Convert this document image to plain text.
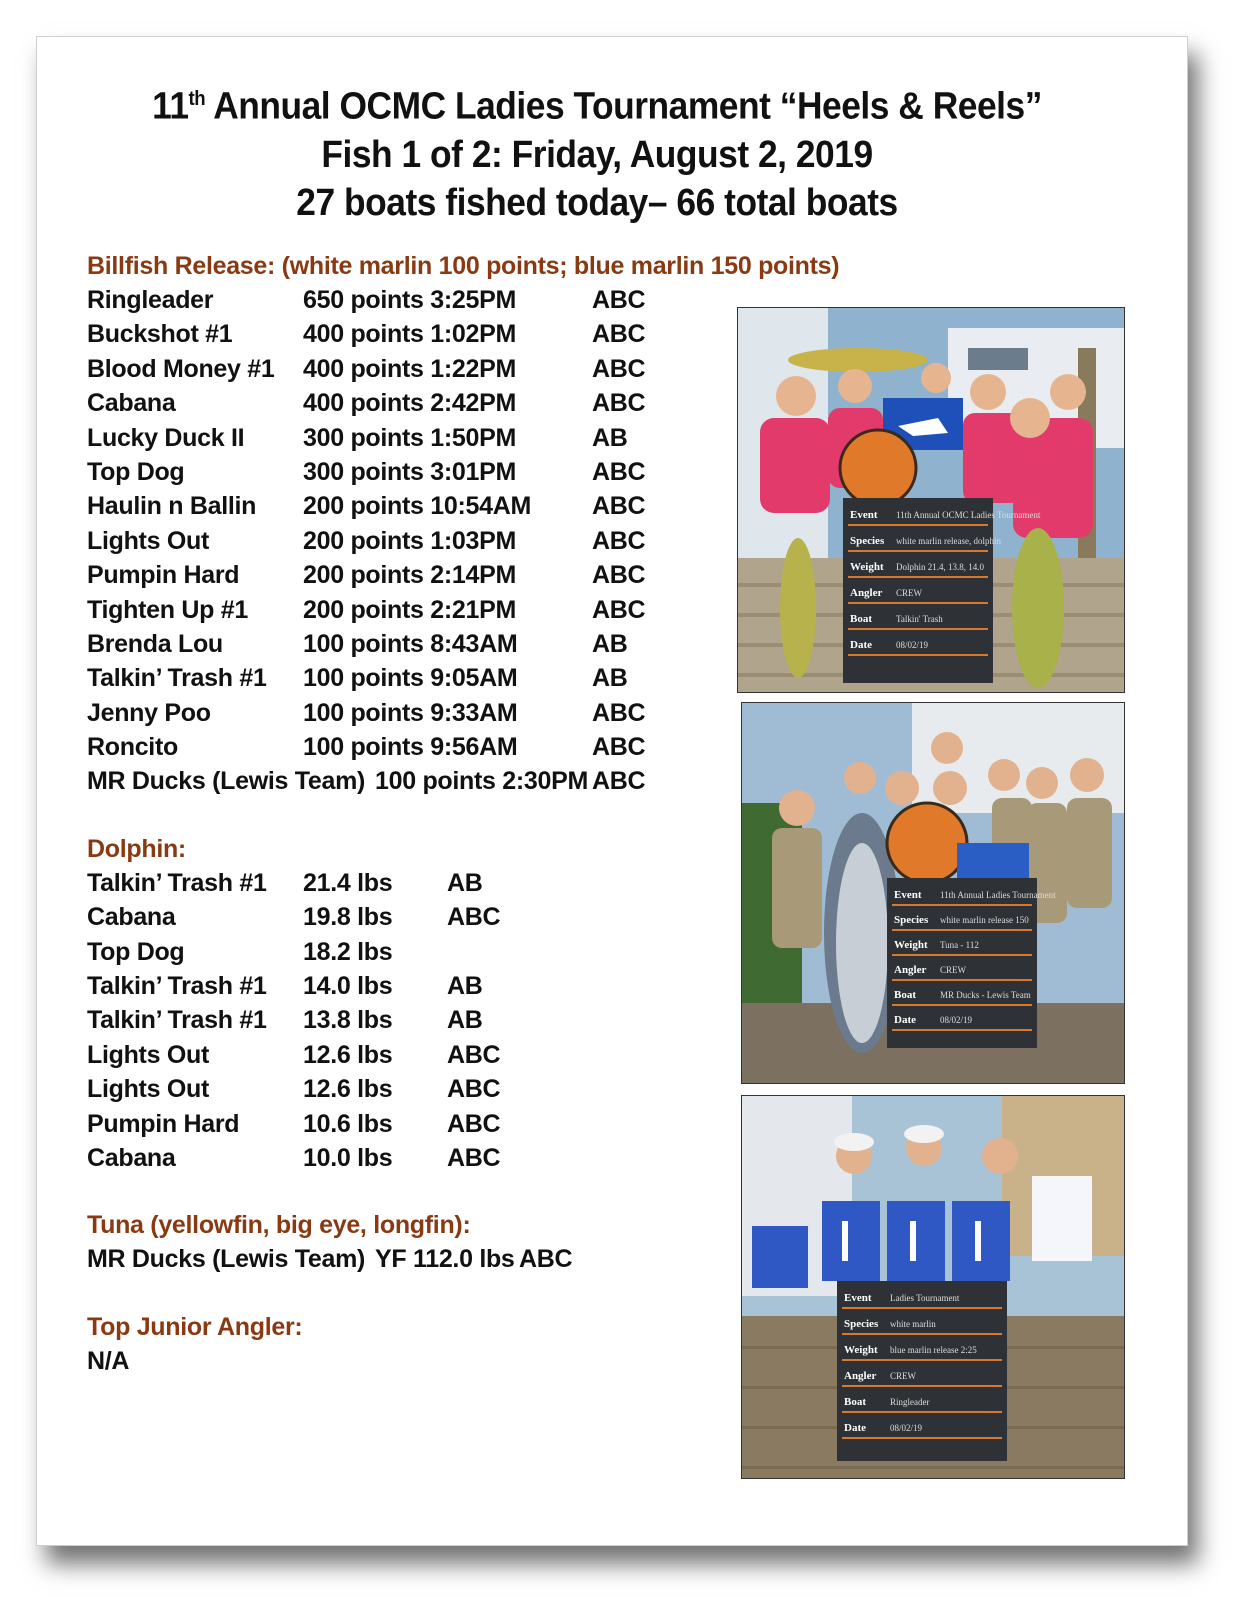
11th Annual OCMC Ladies Tournament “Heels & Reels”
Fish 1 of 2: Friday, August 2, 2019
27 boats fished today– 66 total boats
Billfish Release: (white marlin 100 points; blue marlin 150 points)
Ringleader	650 points 3:25PM	ABC
Buckshot #1	400 points 1:02PM	ABC
Blood Money #1 400 points 1:22PM	ABC
Cabana	400 points 2:42PM	ABC
Lucky Duck II 300 points 1:50PM	AB
Top Dog	300 points 3:01PM	ABC
Haulin n Ballin 200 points 10:54AM ABC
Lights Out	200 points 1:03PM	ABC
Pumpin Hard	200 points 2:14PM	ABC
Tighten Up #1 200 points 2:21PM	ABC
Brenda Lou	100 points 8:43AM	AB
Talkin’ Trash #1 100 points 9:05AM	AB
Jenny Poo	100 points 9:33AM	ABC
Roncito	100 points 9:56AM	ABC
MR Ducks (Lewis Team) 100 points 2:30PM ABC
Dolphin:
Talkin’ Trash #1 21.4 lbs AB
Cabana	19.8 lbs ABC
Top Dog	18.2 lbs
Talkin’ Trash #1 14.0 lbs AB
Talkin’ Trash #1 13.8 lbs AB
Lights Out	12.6 lbs ABC
Lights Out	12.6 lbs ABC
Pumpin Hard	10.6 lbs ABC
Cabana	10.0 lbs ABC
Tuna (yellowfin, big eye, longfin):
MR Ducks (Lewis Team) YF 112.0 lbs ABC
Top Junior Angler:
N/A
Event 11th Annual OCMC Ladies Tournament
Species white marlin release, dolphin
Weight Dolphin 21.4, 13.8, 14.0
Angler CREW
Boat	Talkin' Trash
Date	08/02/19
Event 11th Annual Ladies Tournament
Species white marlin release 150
Weight Tuna - 112
Angler CREW
Boat	MR Ducks - Lewis Team
Date	08/02/19
Event Ladies Tournament
Species white marlin
Weight blue marlin release 2:25
Angler CREW
Boat	Ringleader
Date	08/02/19
